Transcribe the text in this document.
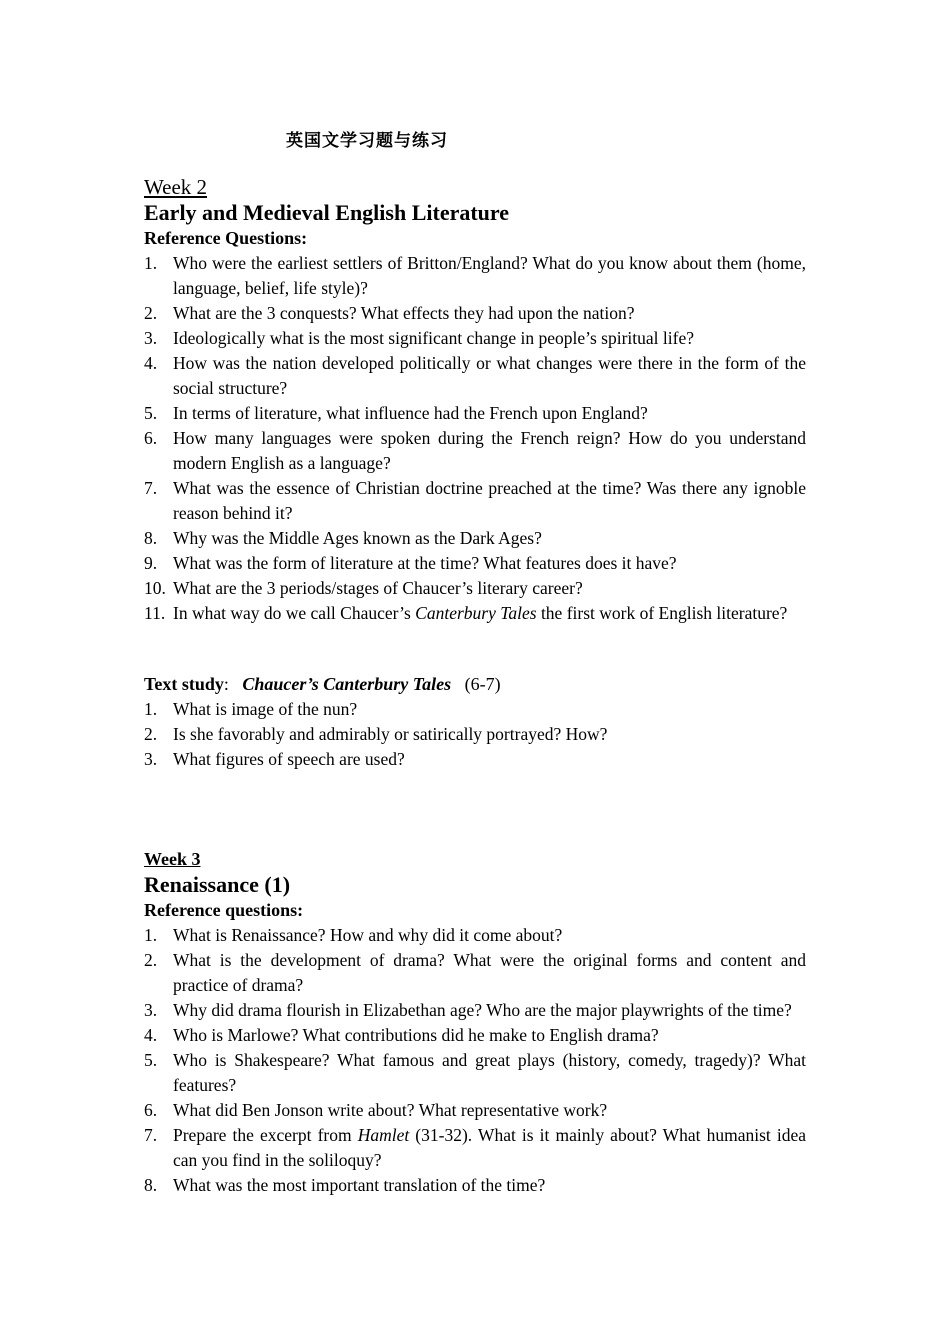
英国文学习题与练习
Week 2
Early and Medieval English Literature
Reference Questions:
1. Who were the earliest settlers of Britton/England? What do you know about them (home, language, belief, life style)?
2. What are the 3 conquests? What effects they had upon the nation?
3. Ideologically what is the most significant change in people’s spiritual life?
4. How was the nation developed politically or what changes were there in the form of the social structure?
5. In terms of literature, what influence had the French upon England?
6. How many languages were spoken during the French reign? How do you understand modern English as a language?
7. What was the essence of Christian doctrine preached at the time? Was there any ignoble reason behind it?
8. Why was the Middle Ages known as the Dark Ages?
9. What was the form of literature at the time? What features does it have?
10. What are the 3 periods/stages of Chaucer’s literary career?
11. In what way do we call Chaucer’s Canterbury Tales the first work of English literature?
Text study:   Chaucer’s Canterbury Tales (6-7)
1. What is image of the nun?
2. Is she favorably and admirably or satirically portrayed? How?
3. What figures of speech are used?
Week 3
Renaissance (1)
Reference questions:
1. What is Renaissance? How and why did it come about?
2. What is the development of drama? What were the original forms and content and practice of drama?
3. Why did drama flourish in Elizabethan age? Who are the major playwrights of the time?
4. Who is Marlowe? What contributions did he make to English drama?
5. Who is Shakespeare? What famous and great plays (history, comedy, tragedy)? What features?
6. What did Ben Jonson write about? What representative work?
7. Prepare the excerpt from Hamlet (31-32). What is it mainly about? What humanist idea can you find in the soliloquy?
8. What was the most important translation of the time?
